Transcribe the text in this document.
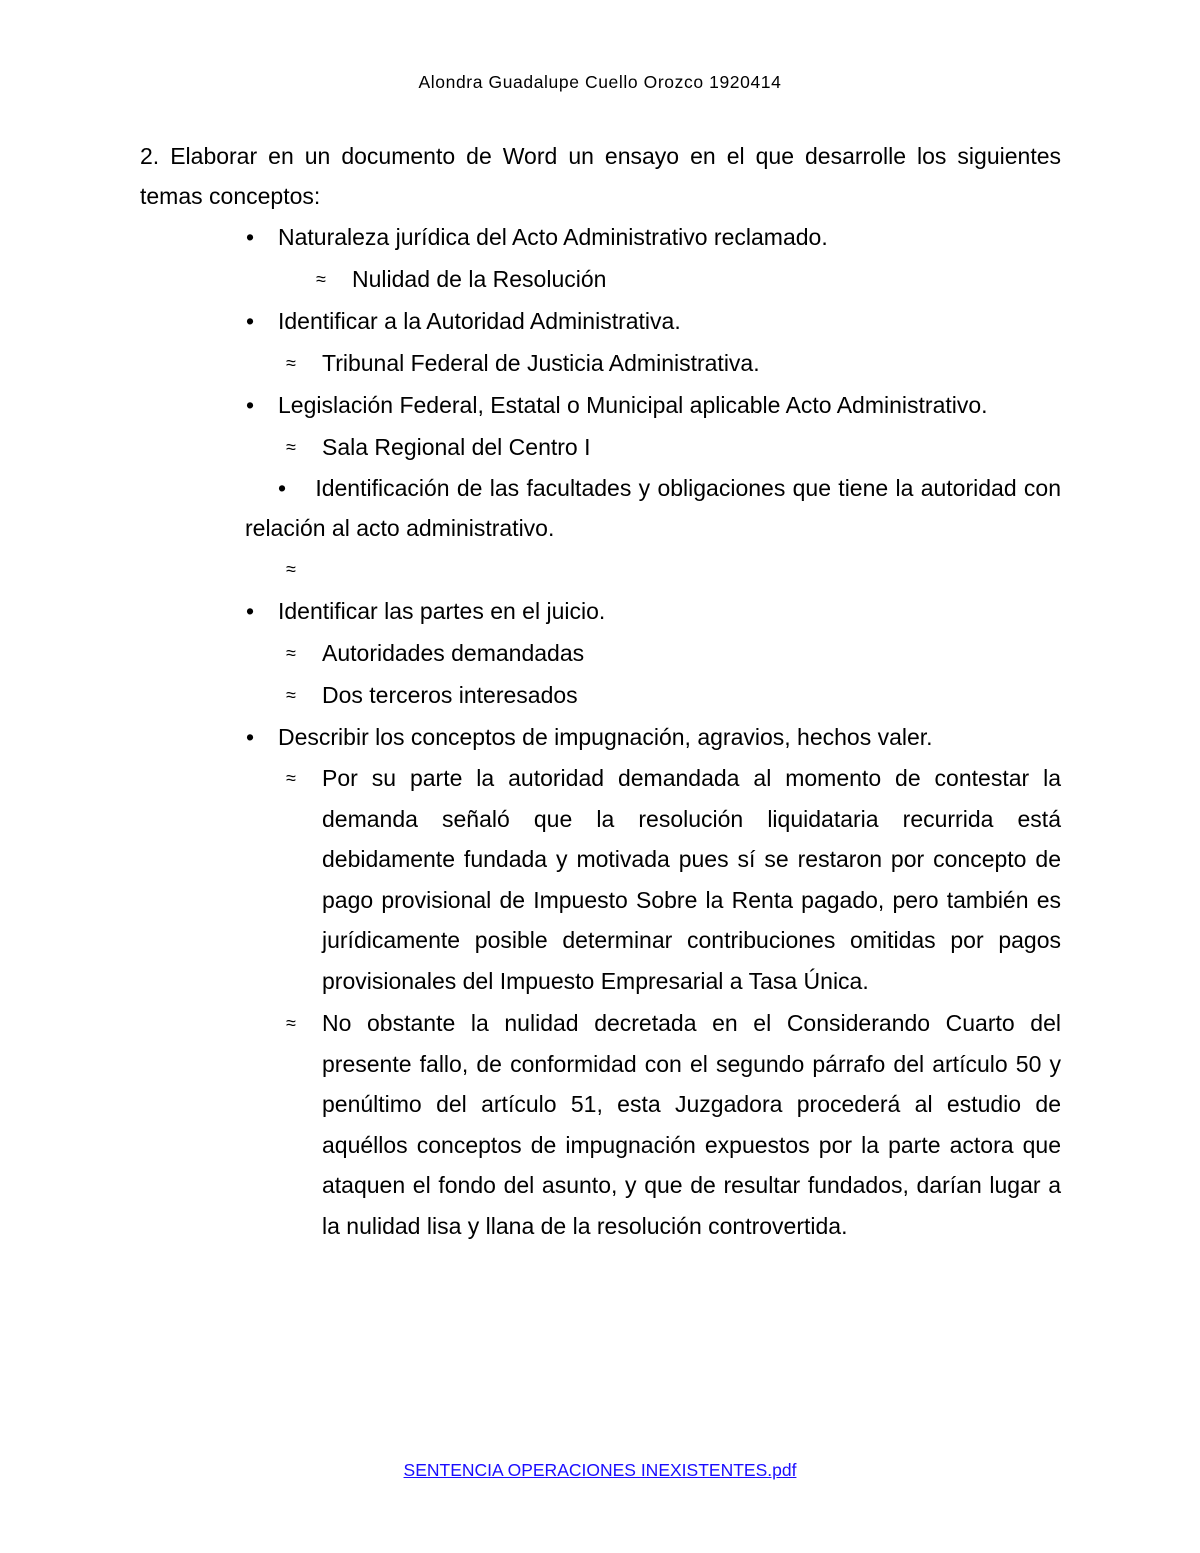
Alondra Guadalupe Cuello Orozco 1920414

2. Elaborar en un documento de Word un ensayo en el que desarrolle los siguientes temas conceptos:

• Naturaleza jurídica del Acto Administrativo reclamado.
≈ Nulidad de la Resolución
• Identificar a la Autoridad Administrativa.
≈ Tribunal Federal de Justicia Administrativa.
• Legislación Federal, Estatal o Municipal aplicable Acto Administrativo.
≈ Sala Regional del Centro I
• Identificación de las facultades y obligaciones que tiene la autoridad con relación al acto administrativo.
≈
• Identificar las partes en el juicio.
≈ Autoridades demandadas
≈ Dos terceros interesados
• Describir los conceptos de impugnación, agravios, hechos valer.
≈ Por su parte la autoridad demandada al momento de contestar la demanda señaló que la resolución liquidataria recurrida está debidamente fundada y motivada pues sí se restaron por concepto de pago provisional de Impuesto Sobre la Renta pagado, pero también es jurídicamente posible determinar contribuciones omitidas por pagos provisionales del Impuesto Empresarial a Tasa Única.
≈ No obstante la nulidad decretada en el Considerando Cuarto del presente fallo, de conformidad con el segundo párrafo del artículo 50 y penúltimo del artículo 51, esta Juzgadora procederá al estudio de aquéllos conceptos de impugnación expuestos por la parte actora que ataquen el fondo del asunto, y que de resultar fundados, darían lugar a la nulidad lisa y llana de la resolución controvertida.
SENTENCIA OPERACIONES INEXISTENTES.pdf
